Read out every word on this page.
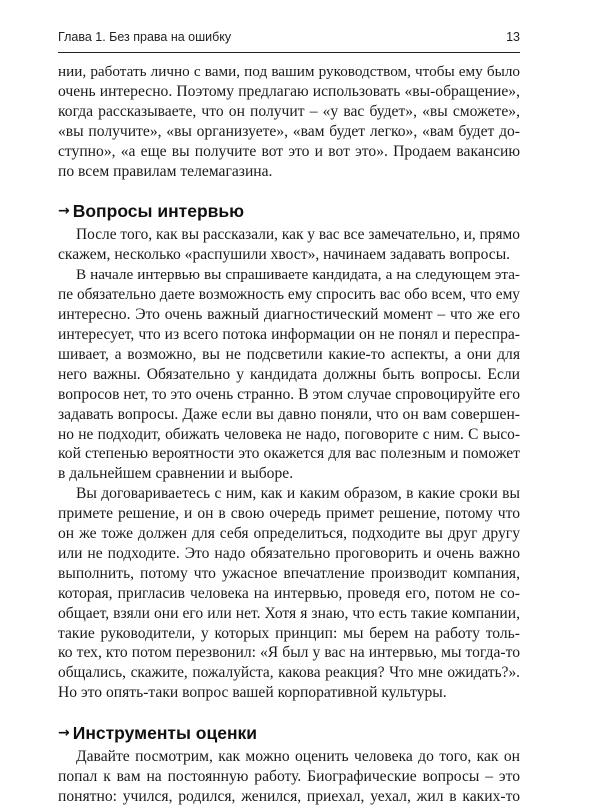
Глава 1. Без права на ошибку	13

нии, работать лично с вами, под вашим руководством, чтобы ему было
очень интересно. Поэтому предлагаю использовать «вы-обращение»,
когда рассказываете, что он получит – «у вас будет», «вы сможете»,
«вы получите», «вы организуете», «вам будет легко», «вам будет до-
ступно», «а еще вы получите вот это и вот это». Продаем вакансию
по всем правилам телемагазина.

→ Вопросы интервью

После того, как вы рассказали, как у вас все замечательно, и, прямо
скажем, несколько «распушили хвост», начинаем задавать вопросы.

В начале интервью вы спрашиваете кандидата, а на следующем эта-
пе обязательно даете возможность ему спросить вас обо всем, что ему
интересно. Это очень важный диагностический момент – что же его
интересует, что из всего потока информации он не понял и переспра-
шивает, а возможно, вы не подсветили какие-то аспекты, а они для
него важны. Обязательно у кандидата должны быть вопросы. Если
вопросов нет, то это очень странно. В этом случае спровоцируйте его
задавать вопросы. Даже если вы давно поняли, что он вам совершен-
но не подходит, обижать человека не надо, поговорите с ним. С высо-
кой степенью вероятности это окажется для вас полезным и поможет
в дальнейшем сравнении и выборе.

Вы договариваетесь с ним, как и каким образом, в какие сроки вы
примете решение, и он в свою очередь примет решение, потому что
он же тоже должен для себя определиться, подходите вы друг другу
или не подходите. Это надо обязательно проговорить и очень важно
выполнить, потому что ужасное впечатление производит компания,
которая, пригласив человека на интервью, проведя его, потом не со-
общает, взяли они его или нет. Хотя я знаю, что есть такие компании,
такие руководители, у которых принцип: мы берем на работу толь-
ко тех, кто потом перезвонил: «Я был у вас на интервью, мы тогда-то
общались, скажите, пожалуйста, какова реакция? Что мне ожидать?».
Но это опять-таки вопрос вашей корпоративной культуры.

→ Инструменты оценки

Давайте посмотрим, как можно оценить человека до того, как он
попал к вам на постоянную работу. Биографические вопросы – это
понятно: учился, родился, женился, приехал, уехал, жил в каких-то
